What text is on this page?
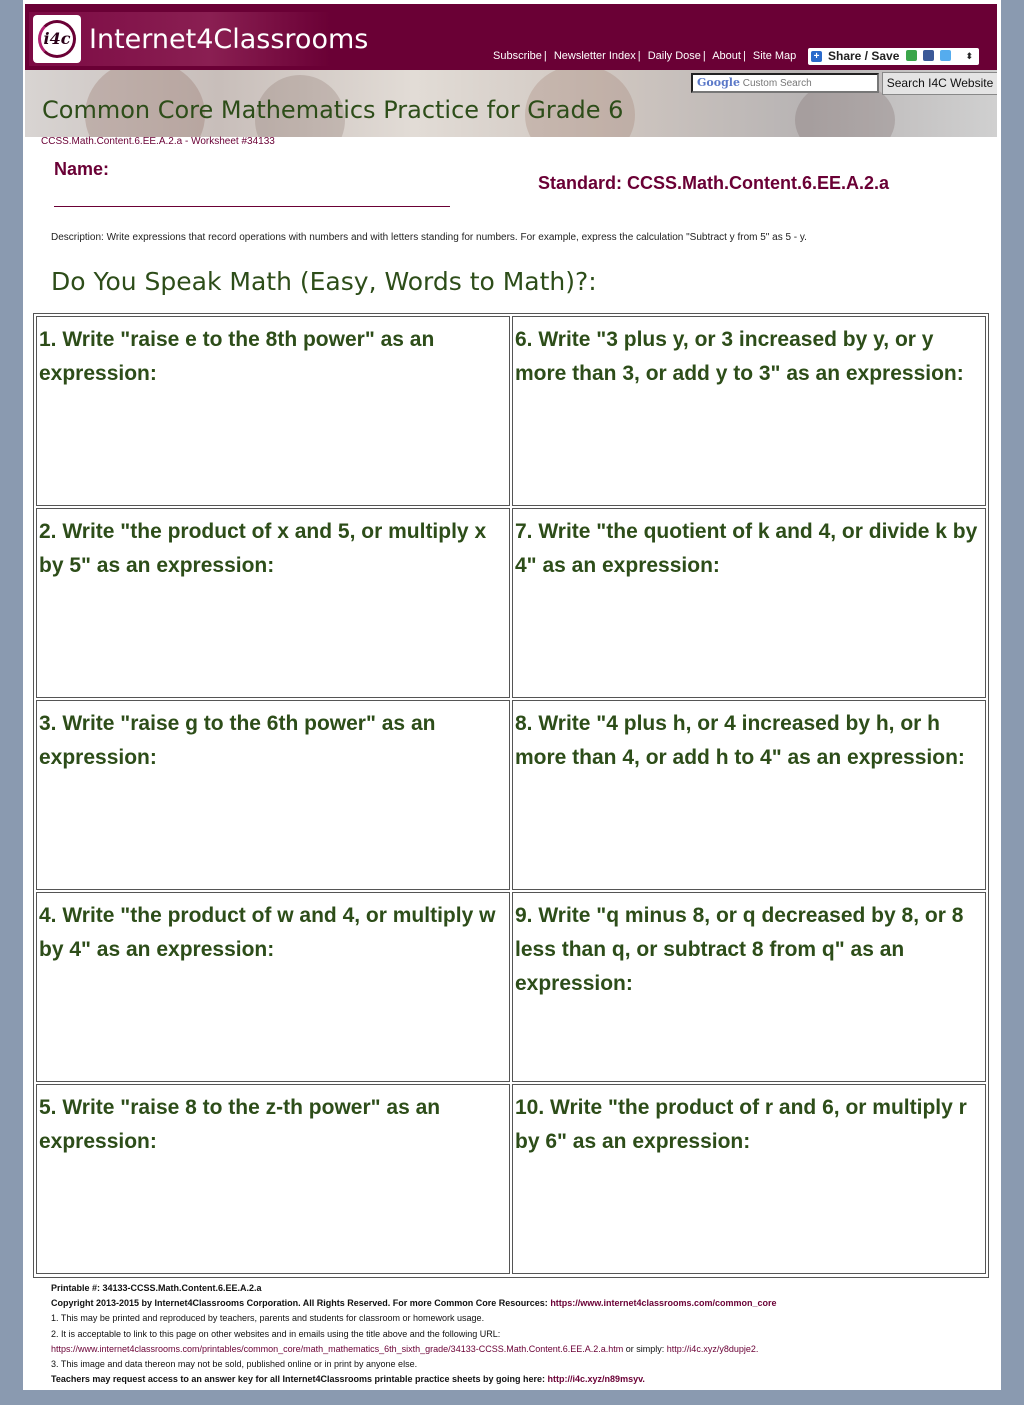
i4c Internet4Classrooms
Subscribe | Newsletter Index | Daily Dose | About | Site Map + Share / Save	⬍
Common Core Mathematics Practice for Grade 6
Google Custom Search	Search I4C Website
CCSS.Math.Content.6.EE.A.2.a - Worksheet #34133
Name:
Standard: CCSS.Math.Content.6.EE.A.2.a
Description: Write expressions that record operations with numbers and with letters standing for numbers. For example, express the calculation "Subtract y from 5" as 5 - y.
Do You Speak Math (Easy, Words to Math)?:
1. Write "raise e to the 8th power" as an expression:
6. Write "3 plus y, or 3 increased by y, or y more than 3, or add y to 3" as an expression:
2. Write "the product of x and 5, or multiply x by 5" as an expression:
7. Write "the quotient of k and 4, or divide k by 4" as an expression:
3. Write "raise g to the 6th power" as an expression:
8. Write "4 plus h, or 4 increased by h, or h more than 4, or add h to 4" as an expression:
4. Write "the product of w and 4, or multiply w by 4" as an expression:
9. Write "q minus 8, or q decreased by 8, or 8 less than q, or subtract 8 from q" as an expression:
5. Write "raise 8 to the z-th power" as an expression:
10. Write "the product of r and 6, or multiply r by 6" as an expression:
Printable #: 34133-CCSS.Math.Content.6.EE.A.2.a
Copyright 2013-2015 by Internet4Classrooms Corporation. All Rights Reserved. For more Common Core Resources: https://www.internet4classrooms.com/common_core
1. This may be printed and reproduced by teachers, parents and students for classroom or homework usage.
2. It is acceptable to link to this page on other websites and in emails using the title above and the following URL:
https://www.internet4classrooms.com/printables/common_core/math_mathematics_6th_sixth_grade/34133-CCSS.Math.Content.6.EE.A.2.a.htm or simply: http://i4c.xyz/y8dupje2.
3. This image and data thereon may not be sold, published online or in print by anyone else.
Teachers may request access to an answer key for all Internet4Classrooms printable practice sheets by going here: http://i4c.xyz/n89msyv.
